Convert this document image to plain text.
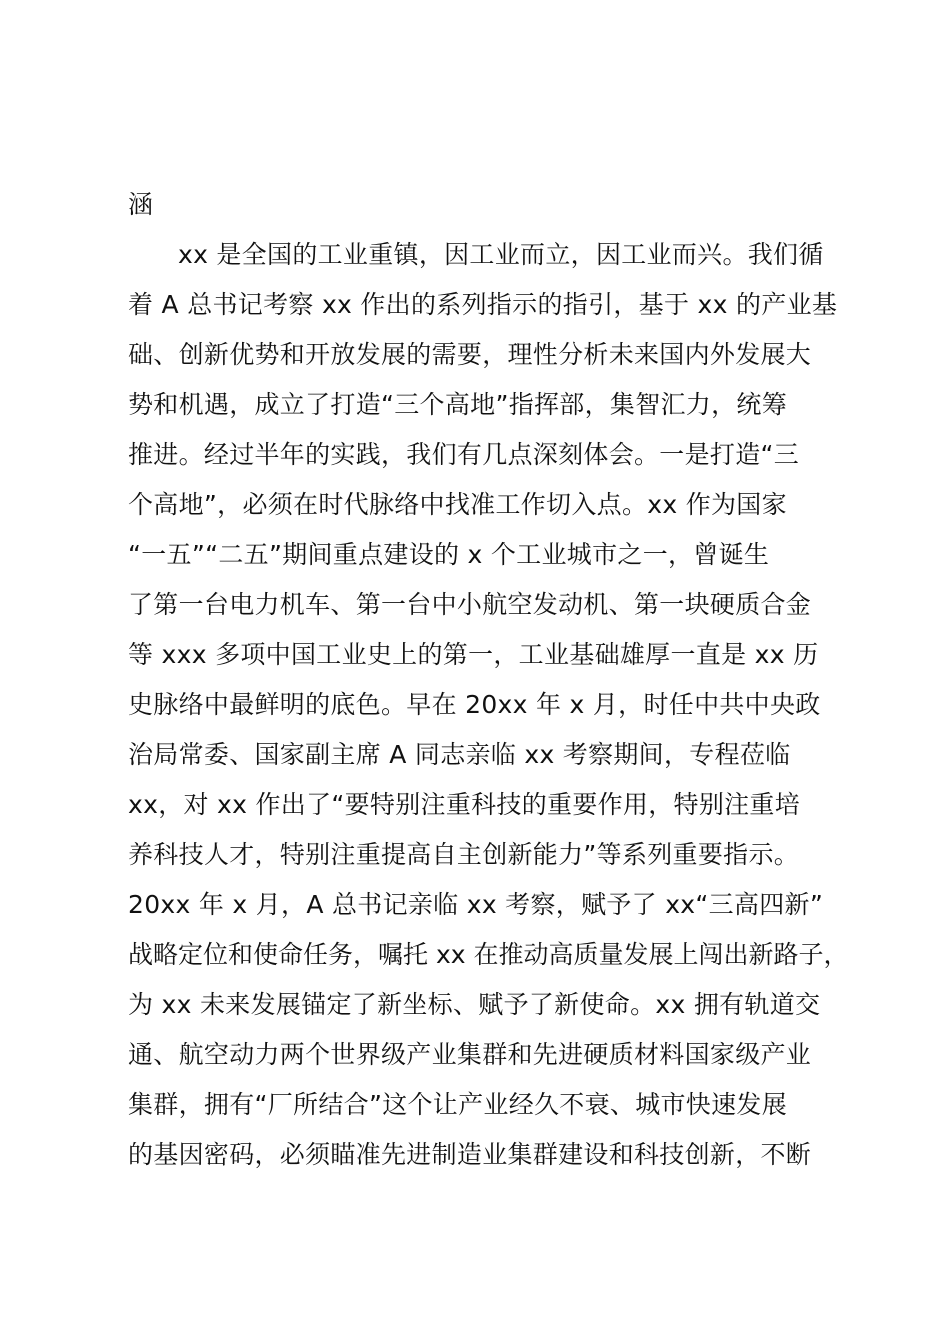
涵
xx 是全国的工业重镇，因工业而立，因工业而兴。我们循
着 A 总书记考察 xx 作出的系列指示的指引，基于 xx 的产业基
础、创新优势和开放发展的需要，理性分析未来国内外发展大
势和机遇，成立了打造“三个高地”指挥部，集智汇力，统筹
推进。经过半年的实践，我们有几点深刻体会。一是打造“三
个高地”，必须在时代脉络中找准工作切入点。xx 作为国家
“一五”“二五”期间重点建设的 x 个工业城市之一，曾诞生
了第一台电力机车、第一台中小航空发动机、第一块硬质合金
等 xxx 多项中国工业史上的第一，工业基础雄厚一直是 xx 历
史脉络中最鲜明的底色。早在 20xx 年 x 月，时任中共中央政
治局常委、国家副主席 A 同志亲临 xx 考察期间，专程莅临
xx，对 xx 作出了“要特别注重科技的重要作用，特别注重培
养科技人才，特别注重提高自主创新能力”等系列重要指示。
20xx 年 x 月，A 总书记亲临 xx 考察，赋予了 xx“三高四新”
战略定位和使命任务，嘱托 xx 在推动高质量发展上闯出新路子，
为 xx 未来发展锚定了新坐标、赋予了新使命。xx 拥有轨道交
通、航空动力两个世界级产业集群和先进硬质材料国家级产业
集群，拥有“厂所结合”这个让产业经久不衰、城市快速发展
的基因密码，必须瞄准先进制造业集群建设和科技创新，不断
